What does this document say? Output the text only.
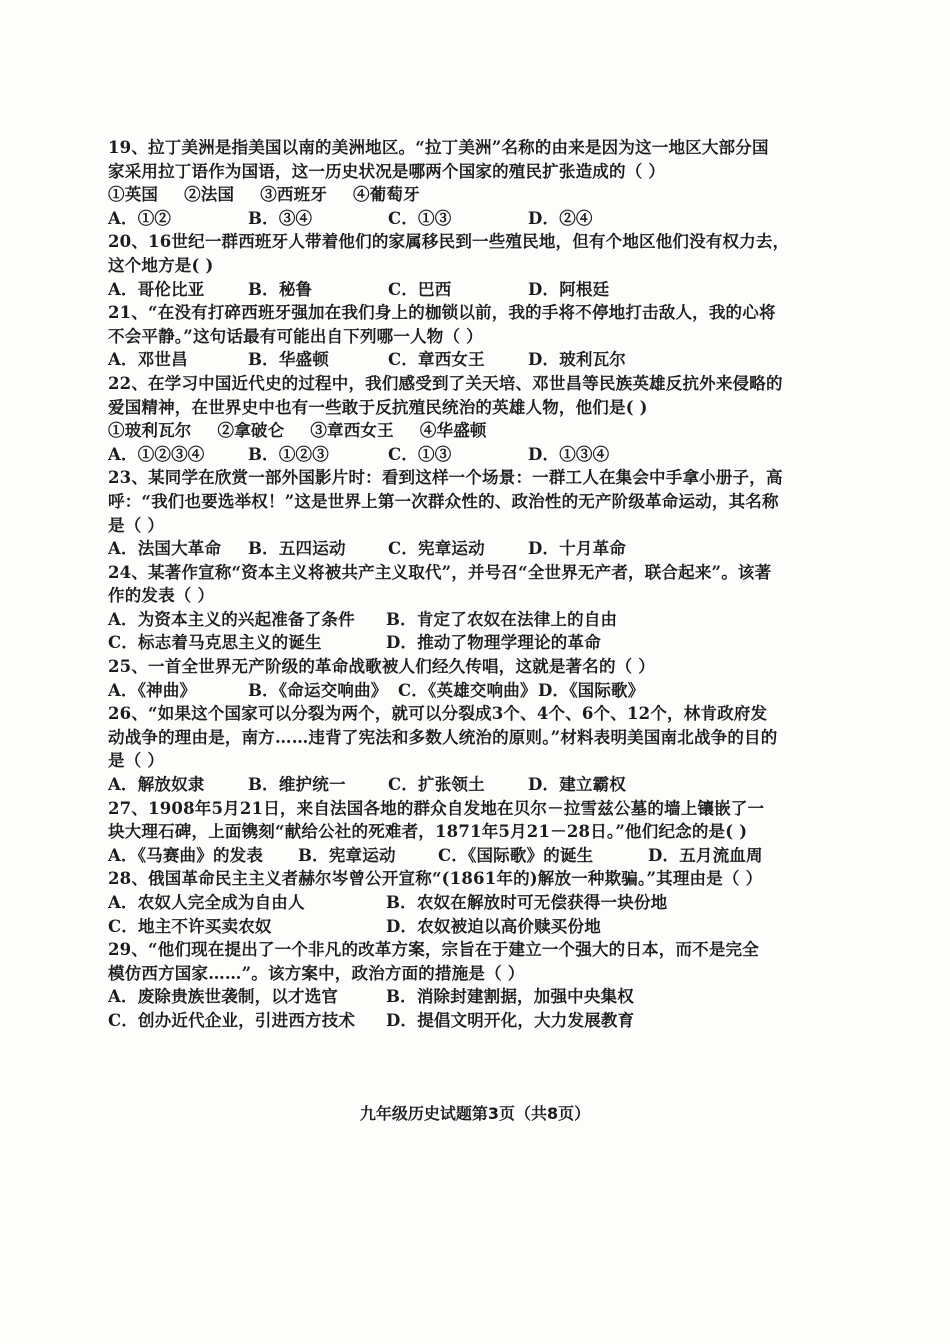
19、拉丁美洲是指美国以南的美洲地区。“拉丁美洲”名称的由来是因为这一地区大部分国
家采用拉丁语作为国语，这一历史状况是哪两个国家的殖民扩张造成的（ ）
①英国 ②法国 ③西班牙 ④葡萄牙
A．①②	B．③④	C．①③	D．②④
20、16世纪一群西班牙人带着他们的家属移民到一些殖民地，但有个地区他们没有权力去，
这个地方是( )
A．哥伦比亚	B．秘鲁	C．巴西	D．阿根廷
21、“在没有打碎西班牙强加在我们身上的枷锁以前，我的手将不停地打击敌人，我的心将
不会平静。”这句话最有可能出自下列哪一人物（ ）
A．邓世昌	B．华盛顿	C．章西女王	D．玻利瓦尔
22、在学习中国近代史的过程中，我们感受到了关天培、邓世昌等民族英雄反抗外来侵略的
爱国精神，在世界史中也有一些敢于反抗殖民统治的英雄人物，他们是( )
①玻利瓦尔 ②拿破仑 ③章西女王 ④华盛顿
A．①②③④	B．①②③	C．①③	D．①③④
23、某同学在欣赏一部外国影片时：看到这样一个场景：一群工人在集会中手拿小册子，高
呼：“我们也要选举权！”这是世界上第一次群众性的、政治性的无产阶级革命运动，其名称
是（ ）
A．法国大革命	B．五四运动	C．宪章运动	D．十月革命
24、某著作宣称“资本主义将被共产主义取代”，并号召“全世界无产者，联合起来”。该著
作的发表（ ）
A．为资本主义的兴起准备了条件	B．肯定了农奴在法律上的自由
C．标志着马克思主义的诞生	D．推动了物理学理论的革命
25、一首全世界无产阶级的革命战歌被人们经久传唱，这就是著名的（ ）
A．《神曲》	B．《命运交响曲》 C．《英雄交响曲》 D．《国际歌》
26、“如果这个国家可以分裂为两个，就可以分裂成3个、4个、6个、12个，林肯政府发
动战争的理由是，南方……违背了宪法和多数人统治的原则。”材料表明美国南北战争的目的
是（ ）
A．解放奴隶	B．维护统一	C．扩张领土	D．建立霸权
27、1908年5月21日，来自法国各地的群众自发地在贝尔－拉雪兹公墓的墙上镶嵌了一
块大理石碑，上面镌刻“献给公社的死难者，1871年5月21－28日。”他们纪念的是( )
A．《马赛曲》的发表	B．宪章运动	C．《国际歌》的诞生	D．五月流血周
28、俄国革命民主主义者赫尔岑曾公开宣称“(1861年的)解放一种欺骗。”其理由是（ ）
A．农奴人完全成为自由人	B．农奴在解放时可无偿获得一块份地
C．地主不许买卖农奴	D．农奴被迫以高价赎买份地
29、“他们现在提出了一个非凡的改革方案，宗旨在于建立一个强大的日本，而不是完全
模仿西方国家……”。该方案中，政治方面的措施是（ ）
A．废除贵族世袭制，以才选官	B．消除封建割据，加强中央集权
C．创办近代企业，引进西方技术	D．提倡文明开化，大力发展教育
九年级历史试题第3页（共8页）
